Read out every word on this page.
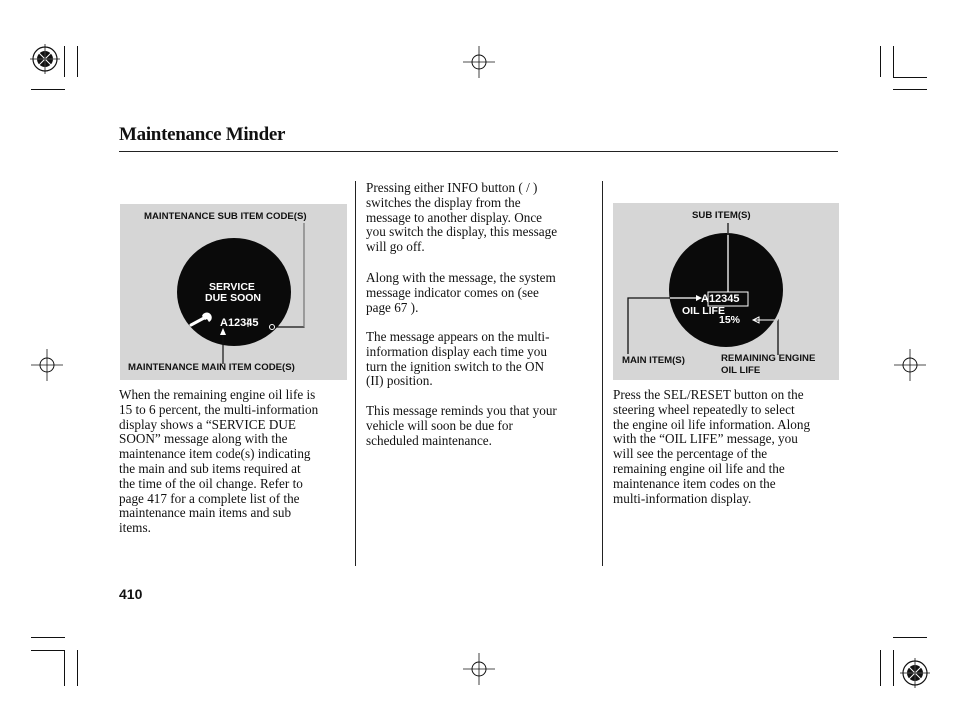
Maintenance Minder
MAINTENANCE SUB ITEM CODE(S)
SERVICE
DUE SOON
A12345
MAINTENANCE MAIN ITEM CODE(S)
SUB ITEM(S)
A12345
OIL LIFE
15%
MAIN ITEM(S)	REMAINING ENGINE
OIL LIFE
When the remaining engine oil life is
15 to 6 percent, the multi-information
display shows a “SERVICE DUE
SOON” message along with the
maintenance item code(s) indicating
the main and sub items required at
the time of the oil change. Refer to
page 417 for a complete list of the
maintenance main items and sub
items.
Pressing either INFO button ( / )
switches the display from the
message to another display. Once
you switch the display, this message
will go off.
Along with the message, the system
message indicator comes on (see
page 67 ).
The message appears on the multi-
information display each time you
turn the ignition switch to the ON
(II) position.
This message reminds you that your
vehicle will soon be due for
scheduled maintenance.
Press the SEL/RESET button on the
steering wheel repeatedly to select
the engine oil life information. Along
with the “OIL LIFE” message, you
will see the percentage of the
remaining engine oil life and the
maintenance item codes on the
multi-information display.
410
